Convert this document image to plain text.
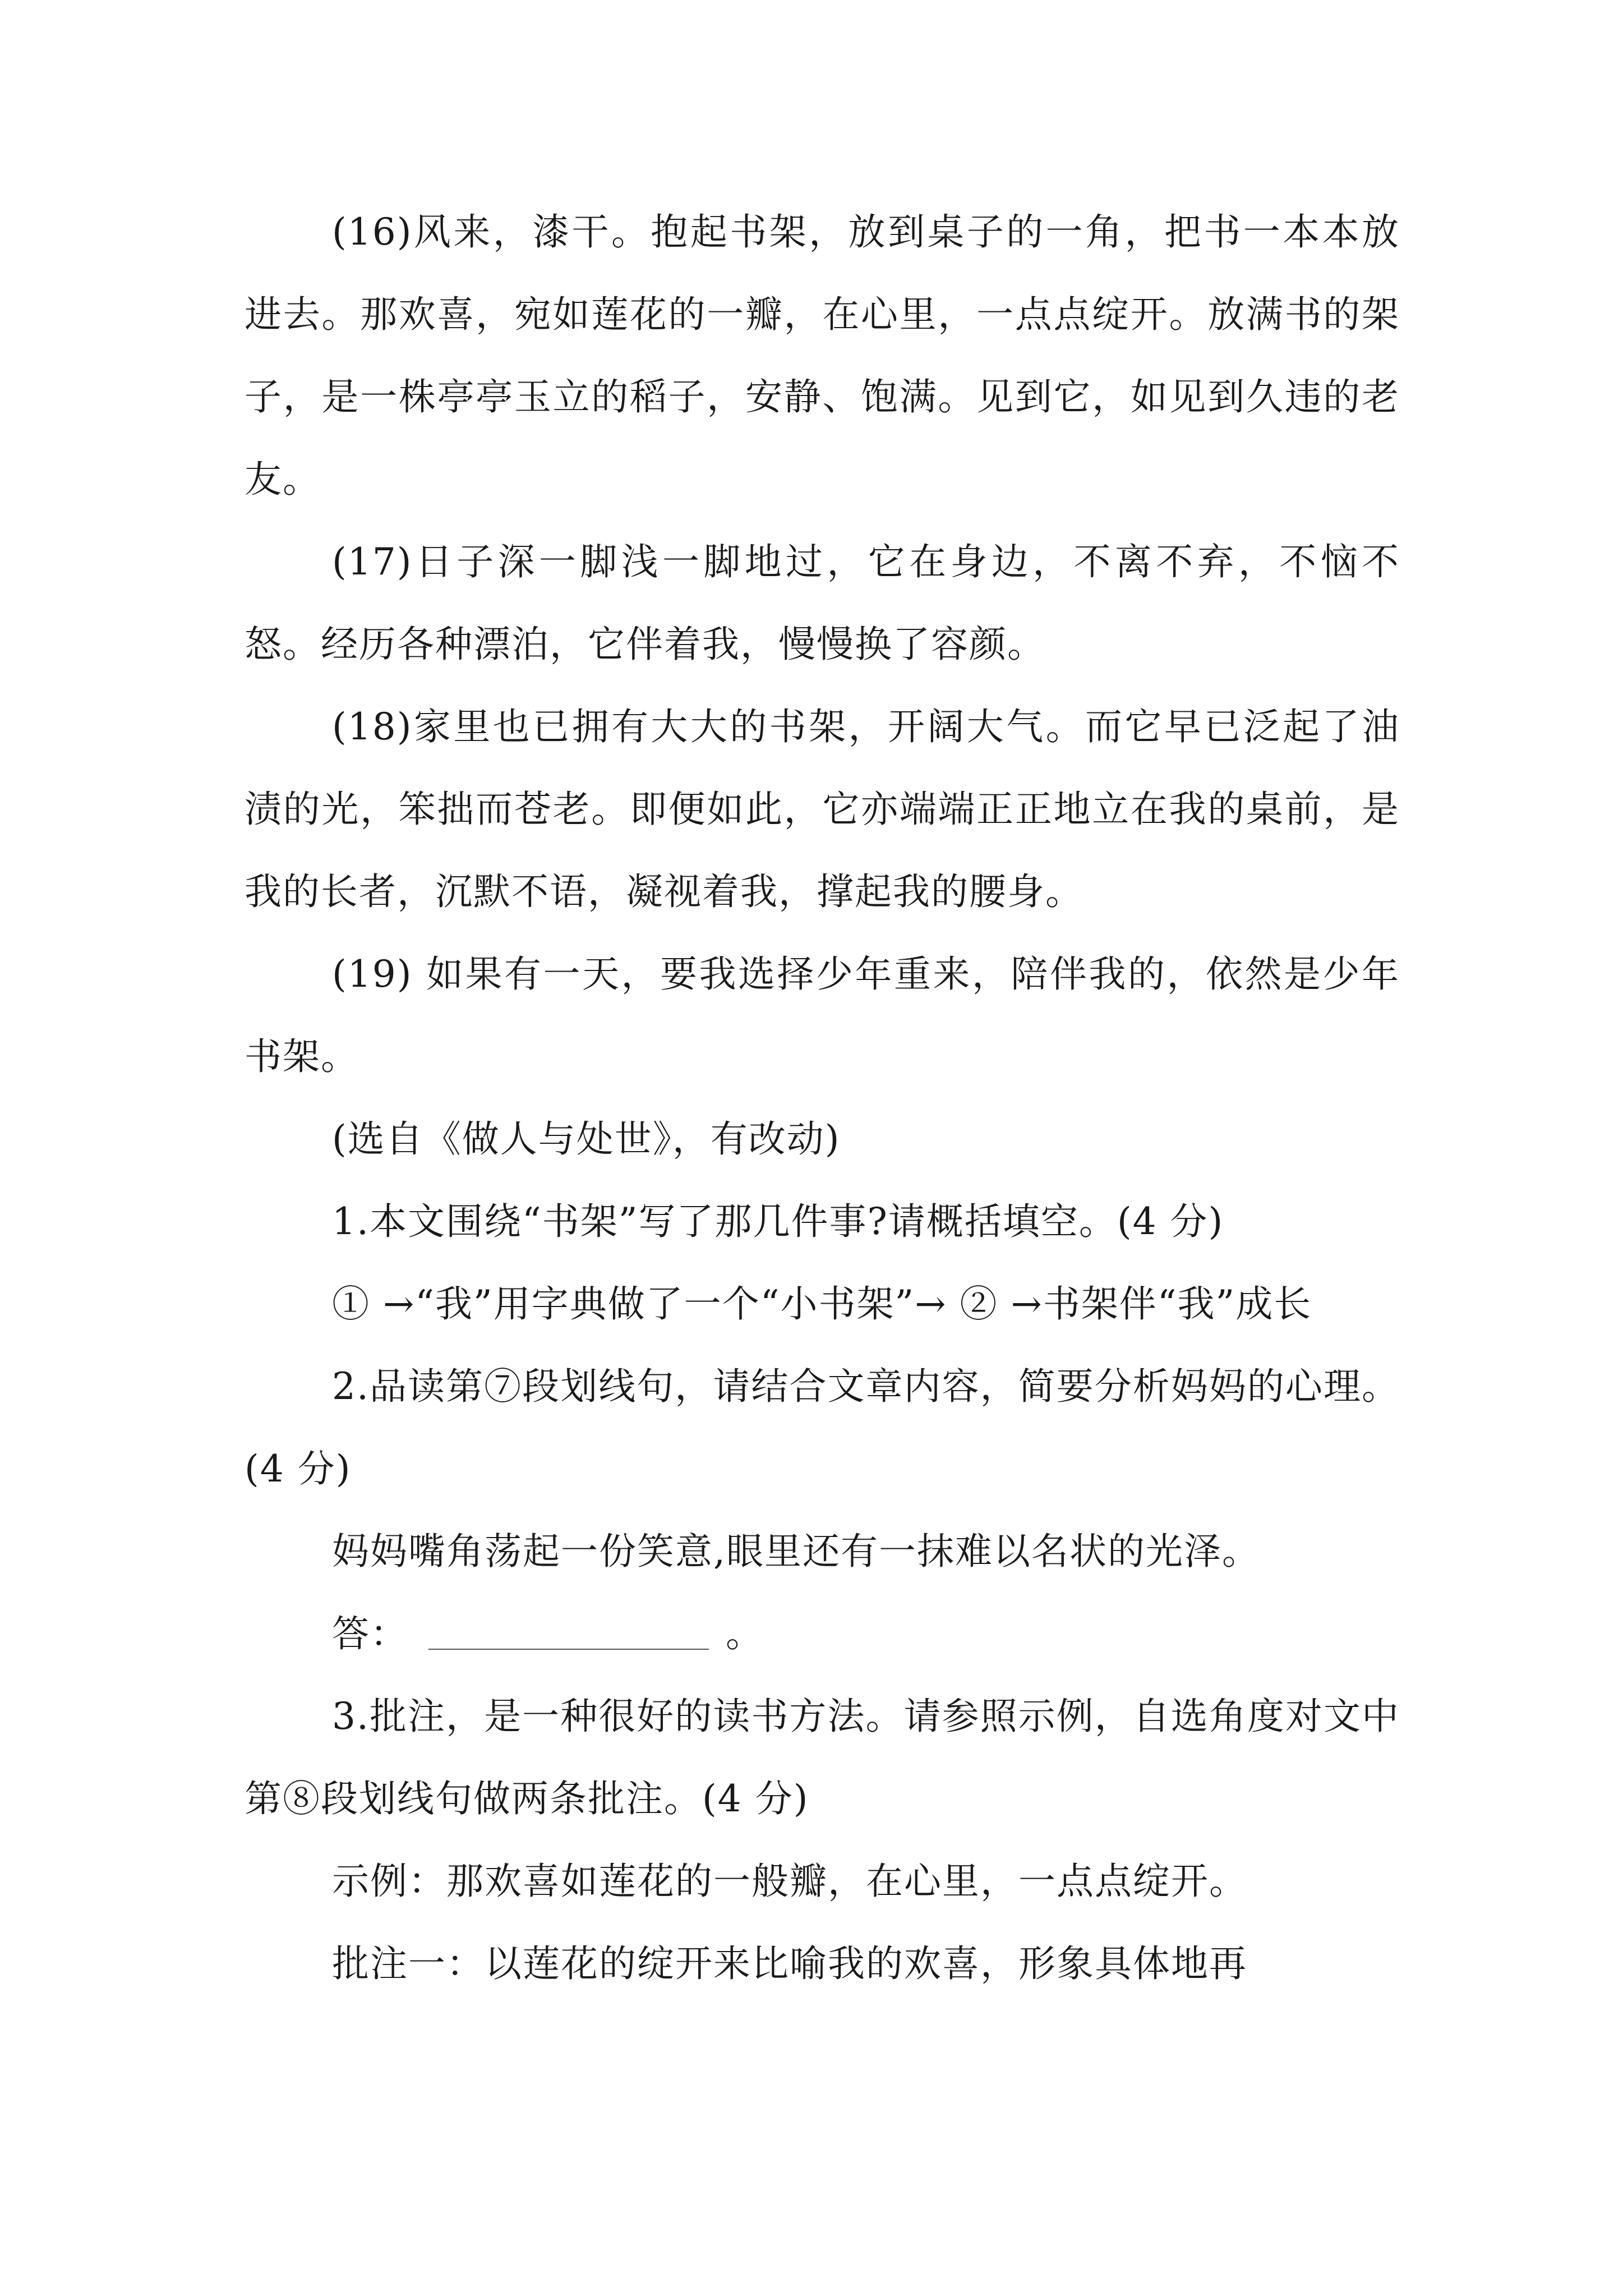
(16)风来，漆干。抱起书架，放到桌子的一角，把书一本本放进去。那欢喜，宛如莲花的一瓣，在心里，一点点绽开。放满书的架子，是一株亭亭玉立的稻子，安静、饱满。见到它，如见到久违的老友。

(17)日子深一脚浅一脚地过，它在身边，不离不弃，不恼不怒。经历各种漂泊，它伴着我，慢慢换了容颜。

(18)家里也已拥有大大的书架，开阔大气。而它早已泛起了油渍的光，笨拙而苍老。即便如此，它亦端端正正地立在我的桌前，是我的长者，沉默不语，凝视着我，撑起我的腰身。

(19) 如果有一天，要我选择少年重来，陪伴我的，依然是少年书架。

(选自《做人与处世》，有改动)

1.本文围绕“书架”写了那几件事?请概括填空。(4 分)

① →“我”用字典做了一个“小书架”→ ② →书架伴“我”成长

2.品读第⑦段划线句，请结合文章内容，简要分析妈妈的心理。(4 分)

妈妈嘴角荡起一份笑意,眼里还有一抹难以名状的光泽。

答：	。

3.批注，是一种很好的读书方法。请参照示例，自选角度对文中第⑧段划线句做两条批注。(4 分)

示例：那欢喜如莲花的一般瓣，在心里，一点点绽开。

批注一：以莲花的绽开来比喻我的欢喜，形象具体地再
